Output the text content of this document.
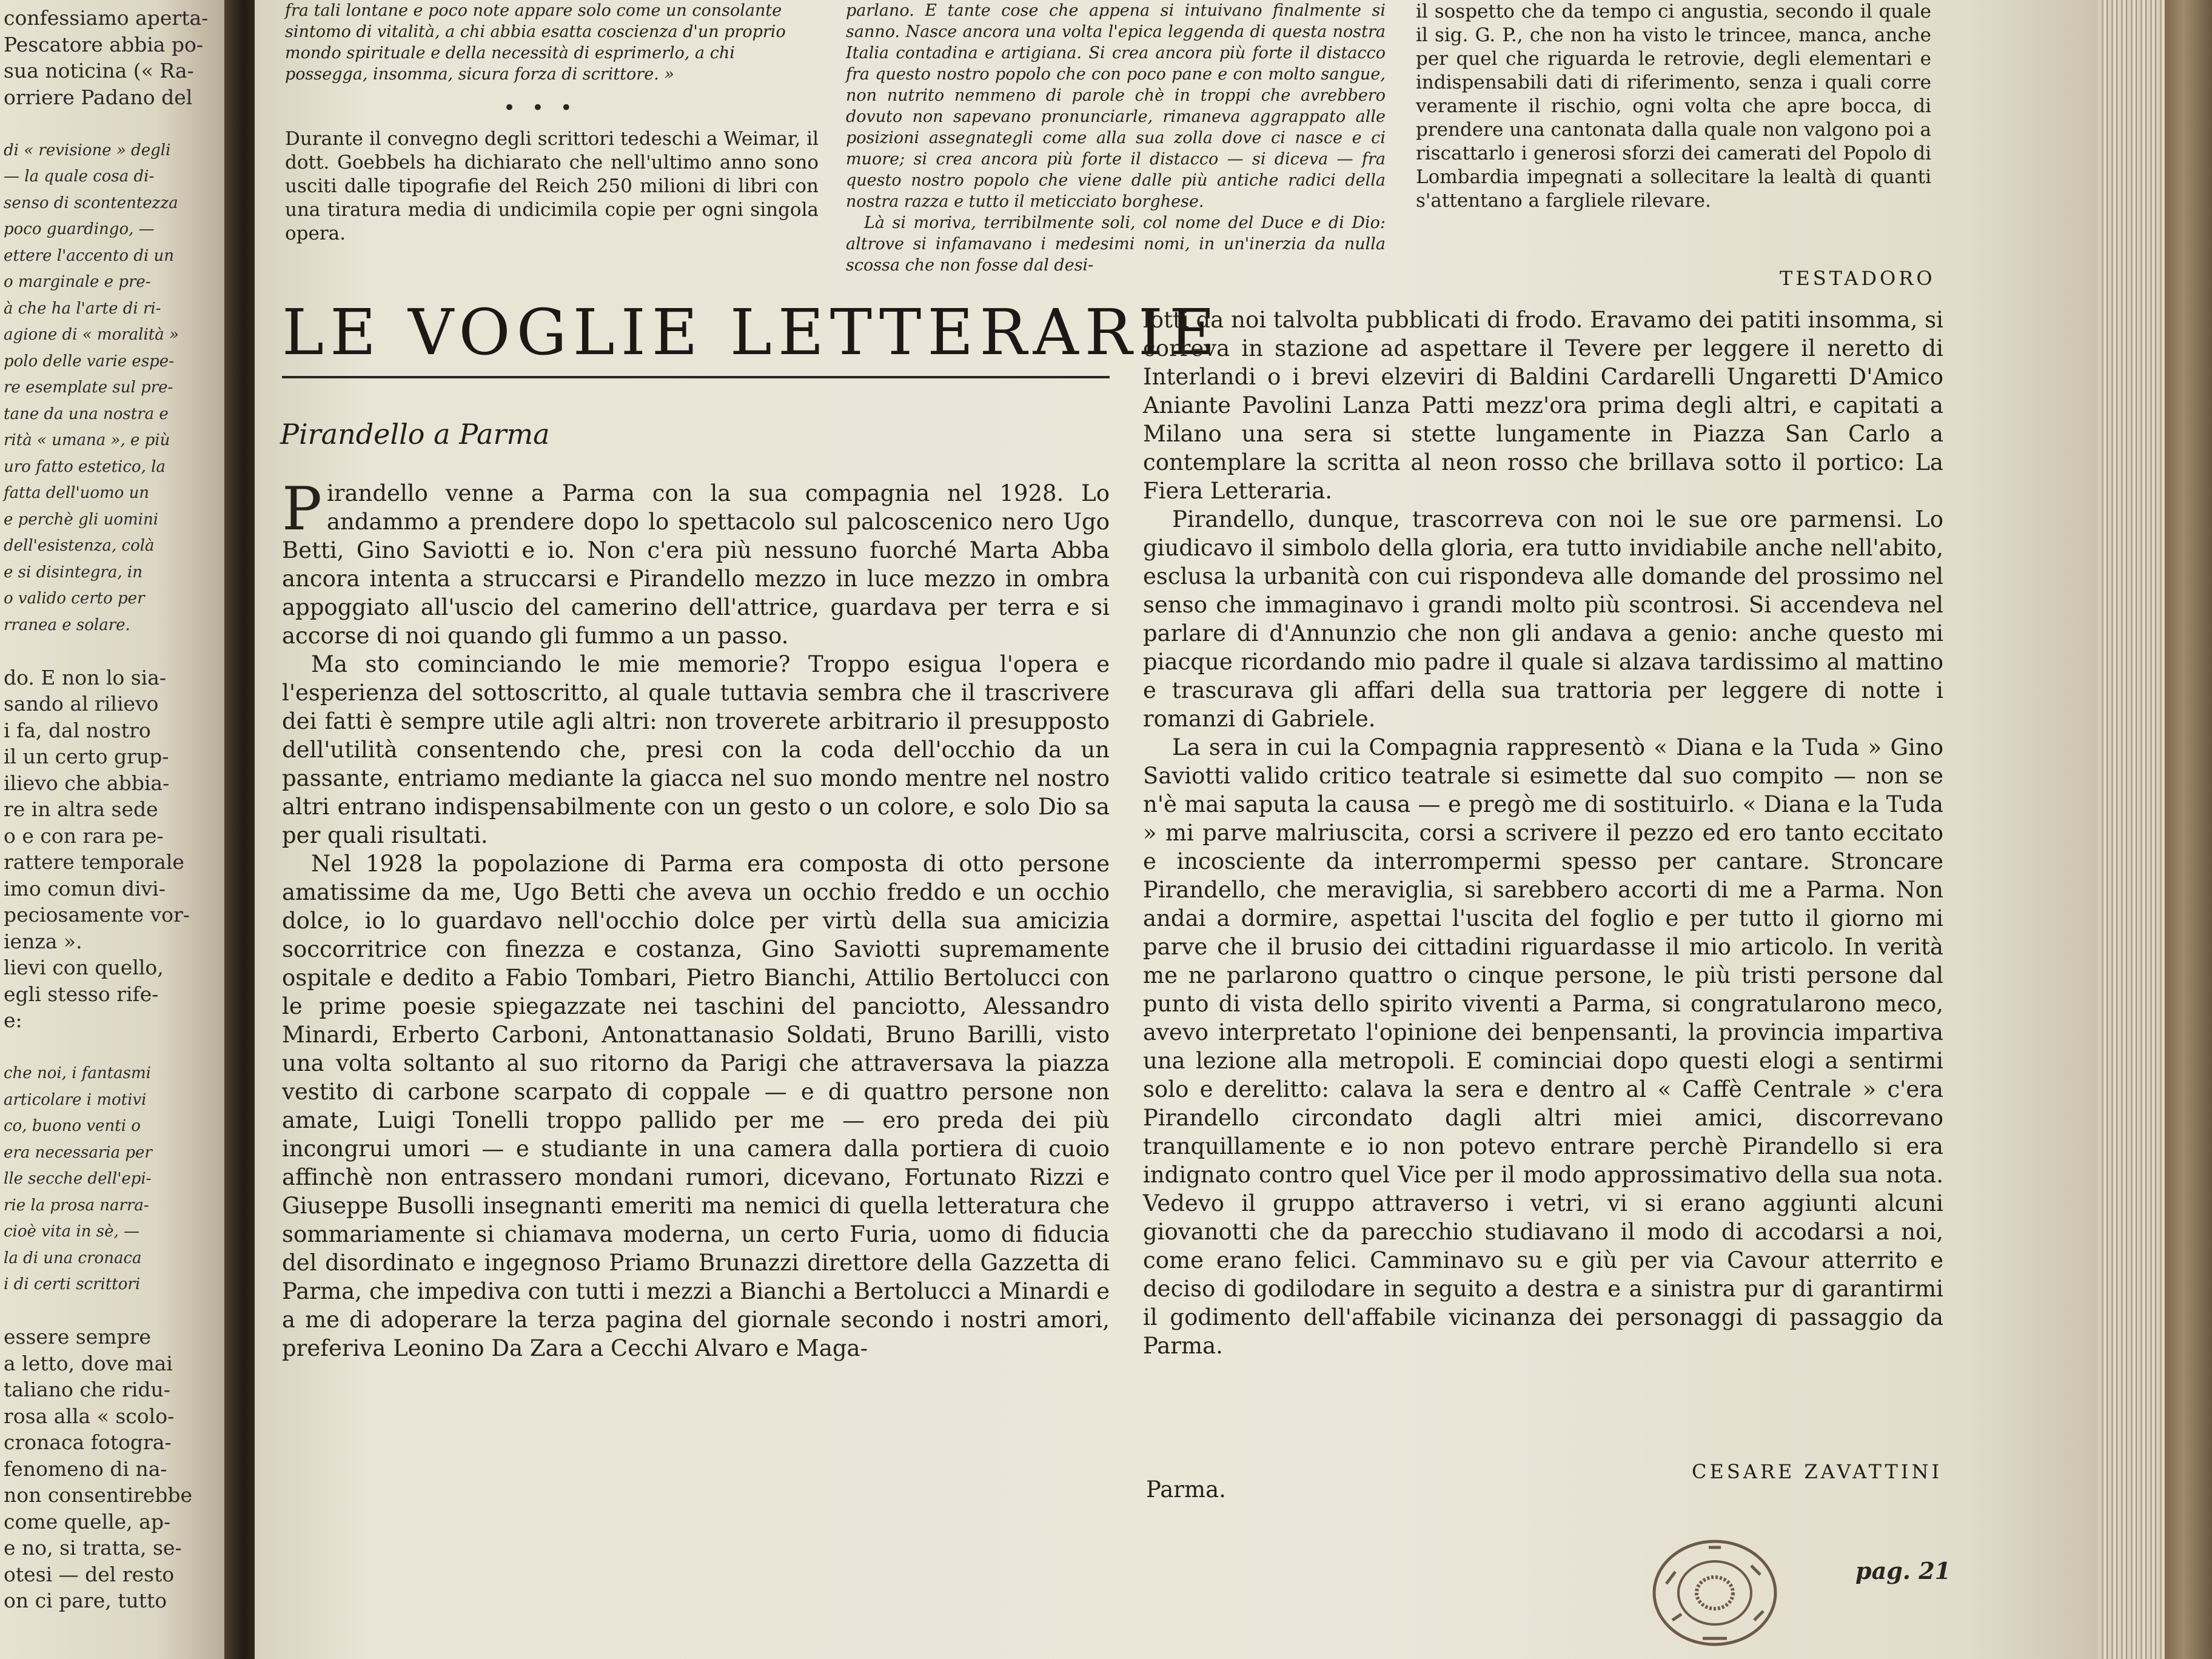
confessiamo aperta-
Pescatore abbia po-
sua noticina (« Ra-
orriere Padano del
di « revisione » degli
— la quale cosa di-
senso di scontentezza
poco guardingo, —
ettere l'accento di un
o marginale e pre-
à che ha l'arte di ri-
agione di « moralità »
polo delle varie espe-
re esemplate sul pre-
tane da una nostra e
rità « umana », e più
uro fatto estetico, la
fatta dell'uomo un
e perchè gli uomini
dell'esistenza, colà
e si disintegra, in
o valido certo per
rranea e solare.
do. E non lo sia-
sando al rilievo
i fa, dal nostro
il un certo grup-
ilievo che abbia-
re in altra sede
o e con rara pe-
rattere temporale
imo comun divi-
peciosamente vor-
ienza ».
lievi con quello,
egli stesso rife-
e:
che noi, i fantasmi
articolare i motivi
co, buono venti o
era necessaria per
lle secche dell'epi-
rie la prosa narra-
cioè vita in sè, —
la di una cronaca
i di certi scrittori
essere sempre
a letto, dove mai
taliano che ridu-
rosa alla « scolo-
cronaca fotogra-
fenomeno di na-
non consentirebbe
come quelle, ap-
e no, si tratta, se-
otesi — del resto
on ci pare, tutto

fra tali lontane e poco note appare solo come un consolante sintomo di vitalità, a chi abbia esatta coscienza d'un proprio mondo spirituale e della necessità di esprimerlo, a chi possegga, insomma, sicura forza di scrittore. »

• • •

Durante il convegno degli scrittori tedeschi a Weimar, il dott. Goebbels ha dichiarato che nell'ultimo anno sono usciti dalle tipografie del Reich 250 milioni di libri con una tiratura media di undicimila copie per ogni singola opera.

parlano. E tante cose che appena si intuivano finalmente si sanno. Nasce ancora una volta l'epica leggenda di questa nostra Italia contadina e artigiana. Si crea ancora più forte il distacco fra questo nostro popolo che con poco pane e con molto sangue, non nutrito nemmeno di parole chè in troppi che avrebbero dovuto non sapevano pronunciarle, rimaneva aggrappato alle posizioni assegnategli come alla sua zolla dove ci nasce e ci muore; si crea ancora più forte il distacco — si diceva — fra questo nostro popolo che viene dalle più antiche radici della nostra razza e tutto il meticciato borghese.

Là si moriva, terribilmente soli, col nome del Duce e di Dio: altrove si infamavano i medesimi nomi, in un'inerzia da nulla scossa che non fosse dal desi-

il sospetto che da tempo ci angustia, secondo il quale il sig. G. P., che non ha visto le trincee, manca, anche per quel che riguarda le retrovie, degli elementari e indispensabili dati di riferimento, senza i quali corre veramente il rischio, ogni volta che apre bocca, di prendere una cantonata dalla quale non valgono poi a riscattarlo i generosi sforzi dei camerati del Popolo di Lombardia impegnati a sollecitare la lealtà di quanti s'attentano a fargliele rilevare.

TESTADORO
LE VOGLIE LETTERARIE
Pirandello a Parma

Pirandello venne a Parma con la sua compagnia nel 1928. Lo andammo a prendere dopo lo spettacolo sul palcoscenico nero Ugo Betti, Gino Saviotti e io. Non c'era più nessuno fuorché Marta Abba ancora intenta a struccarsi e Pirandello mezzo in luce mezzo in ombra appoggiato all'uscio del camerino dell'attrice, guardava per terra e si accorse di noi quando gli fummo a un passo.

Ma sto cominciando le mie memorie? Troppo esigua l'opera e l'esperienza del sottoscritto, al quale tuttavia sembra che il trascrivere dei fatti è sempre utile agli altri: non troverete arbitrario il presupposto dell'utilità consentendo che, presi con la coda dell'occhio da un passante, entriamo mediante la giacca nel suo mondo mentre nel nostro altri entrano indispensabilmente con un gesto o un colore, e solo Dio sa per quali risultati.

Nel 1928 la popolazione di Parma era composta di otto persone amatissime da me, Ugo Betti che aveva un occhio freddo e un occhio dolce, io lo guardavo nell'occhio dolce per virtù della sua amicizia soccorritrice con finezza e costanza, Gino Saviotti supremamente ospitale e dedito a Fabio Tombari, Pietro Bianchi, Attilio Bertolucci con le prime poesie spiegazzate nei taschini del panciotto, Alessandro Minardi, Erberto Carboni, Antonattanasio Soldati, Bruno Barilli, visto una volta soltanto al suo ritorno da Parigi che attraversava la piazza vestito di carbone scarpato di coppale — e di quattro persone non amate, Luigi Tonelli troppo pallido per me — ero preda dei più incongrui umori — e studiante in una camera dalla portiera di cuoio affinchè non entrassero mondani rumori, dicevano, Fortunato Rizzi e Giuseppe Busolli insegnanti emeriti ma nemici di quella letteratura che sommariamente si chiamava moderna, un certo Furia, uomo di fiducia del disordinato e ingegnoso Priamo Brunazzi direttore della Gazzetta di Parma, che impediva con tutti i mezzi a Bianchi a Bertolucci a Minardi e a me di adoperare la terza pagina del giornale secondo i nostri amori, preferiva Leonino Da Zara a Cecchi Alvaro e Maga-

lotti da noi talvolta pubblicati di frodo. Eravamo dei patiti insomma, si correva in stazione ad aspettare il Tevere per leggere il neretto di Interlandi o i brevi elzeviri di Baldini Cardarelli Ungaretti D'Amico Aniante Pavolini Lanza Patti mezz'ora prima degli altri, e capitati a Milano una sera si stette lungamente in Piazza San Carlo a contemplare la scritta al neon rosso che brillava sotto il portico: La Fiera Letteraria.

Pirandello, dunque, trascorreva con noi le sue ore parmensi. Lo giudicavo il simbolo della gloria, era tutto invidiabile anche nell'abito, esclusa la urbanità con cui rispondeva alle domande del prossimo nel senso che immaginavo i grandi molto più scontrosi. Si accendeva nel parlare di d'Annunzio che non gli andava a genio: anche questo mi piacque ricordando mio padre il quale si alzava tardissimo al mattino e trascurava gli affari della sua trattoria per leggere di notte i romanzi di Gabriele.

La sera in cui la Compagnia rappresentò « Diana e la Tuda » Gino Saviotti valido critico teatrale si esimette dal suo compito — non se n'è mai saputa la causa — e pregò me di sostituirlo. « Diana e la Tuda » mi parve malriuscita, corsi a scrivere il pezzo ed ero tanto eccitato e incosciente da interrompermi spesso per cantare. Stroncare Pirandello, che meraviglia, si sarebbero accorti di me a Parma. Non andai a dormire, aspettai l'uscita del foglio e per tutto il giorno mi parve che il brusio dei cittadini riguardasse il mio articolo. In verità me ne parlarono quattro o cinque persone, le più tristi persone dal punto di vista dello spirito viventi a Parma, si congratularono meco, avevo interpretato l'opinione dei benpensanti, la provincia impartiva una lezione alla metropoli. E cominciai dopo questi elogi a sentirmi solo e derelitto: calava la sera e dentro al « Caffè Centrale » c'era Pirandello circondato dagli altri miei amici, discorrevano tranquillamente e io non potevo entrare perchè Pirandello si era indignato contro quel Vice per il modo approssimativo della sua nota. Vedevo il gruppo attraverso i vetri, vi si erano aggiunti alcuni giovanotti che da parecchio studiavano il modo di accodarsi a noi, come erano felici. Camminavo su e giù per via Cavour atterrito e deciso di godilodare in seguito a destra e a sinistra pur di garantirmi il godimento dell'affabile vicinanza dei personaggi di passaggio da Parma.

CESARE ZAVATTINI
Parma.
pag. 21
